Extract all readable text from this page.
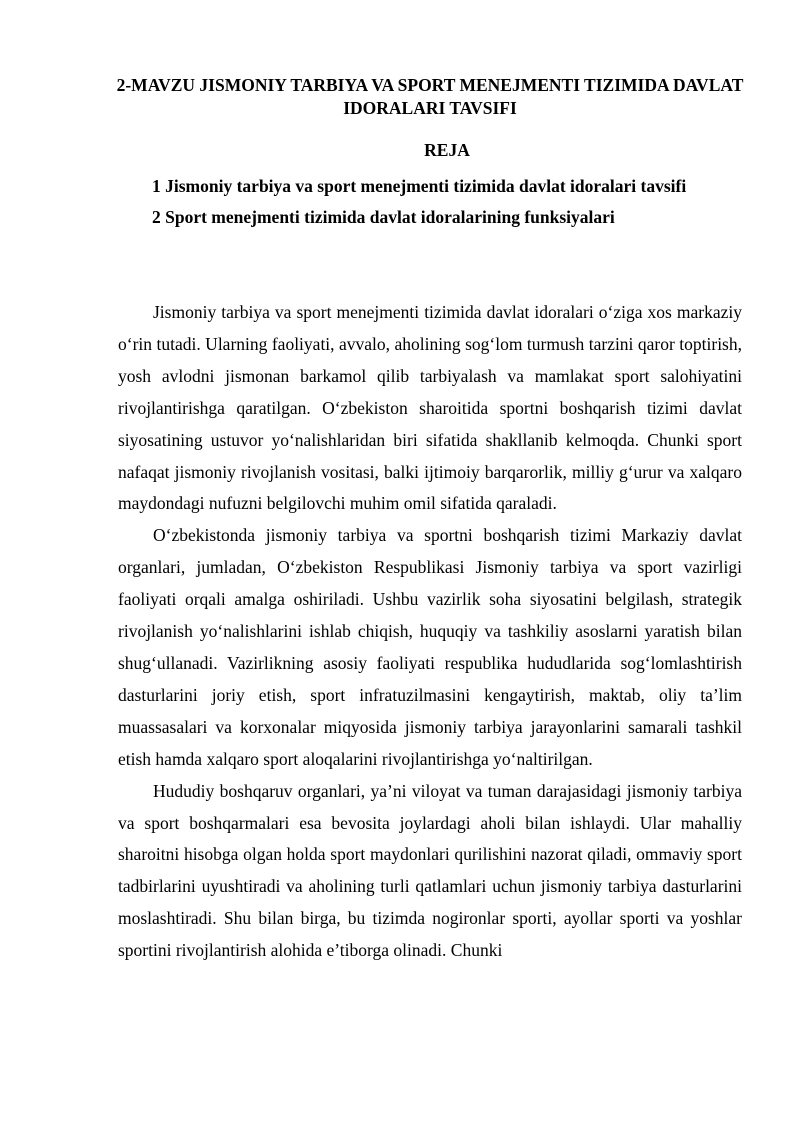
2-MAVZU JISMONIY TARBIYA VA SPORT MENEJMENTI TIZIMIDA DAVLAT IDORALARI TAVSIFI
REJA
1 Jismoniy tarbiya va sport menejmenti tizimida davlat idoralari tavsifi
2 Sport menejmenti tizimida davlat idoralarining funksiyalari

Jismoniy tarbiya va sport menejmenti tizimida davlat idoralari o‘ziga xos markaziy o‘rin tutadi. Ularning faoliyati, avvalo, aholining sog‘lom turmush tarzini qaror toptirish, yosh avlodni jismonan barkamol qilib tarbiyalash va mamlakat sport salohiyatini rivojlantirishga qaratilgan. O‘zbekiston sharoitida sportni boshqarish tizimi davlat siyosatining ustuvor yo‘nalishlaridan biri sifatida shakllanib kelmoqda. Chunki sport nafaqat jismoniy rivojlanish vositasi, balki ijtimoiy barqarorlik, milliy g‘urur va xalqaro maydondagi nufuzni belgilovchi muhim omil sifatida qaraladi.

O‘zbekistonda jismoniy tarbiya va sportni boshqarish tizimi Markaziy davlat organlari, jumladan, O‘zbekiston Respublikasi Jismoniy tarbiya va sport vazirligi faoliyati orqali amalga oshiriladi. Ushbu vazirlik soha siyosatini belgilash, strategik rivojlanish yo‘nalishlarini ishlab chiqish, huquqiy va tashkiliy asoslarni yaratish bilan shug‘ullanadi. Vazirlikning asosiy faoliyati respublika hududlarida sog‘lomlashtirish dasturlarini joriy etish, sport infratuzilmasini kengaytirish, maktab, oliy ta’lim muassasalari va korxonalar miqyosida jismoniy tarbiya jarayonlarini samarali tashkil etish hamda xalqaro sport aloqalarini rivojlantirishga yo‘naltirilgan.

Hududiy boshqaruv organlari, ya’ni viloyat va tuman darajasidagi jismoniy tarbiya va sport boshqarmalari esa bevosita joylardagi aholi bilan ishlaydi. Ular mahalliy sharoitni hisobga olgan holda sport maydonlari qurilishini nazorat qiladi, ommaviy sport tadbirlarini uyushtiradi va aholining turli qatlamlari uchun jismoniy tarbiya dasturlarini moslashtiradi. Shu bilan birga, bu tizimda nogironlar sporti, ayollar sporti va yoshlar sportini rivojlantirish alohida e’tiborga olinadi. Chunki
